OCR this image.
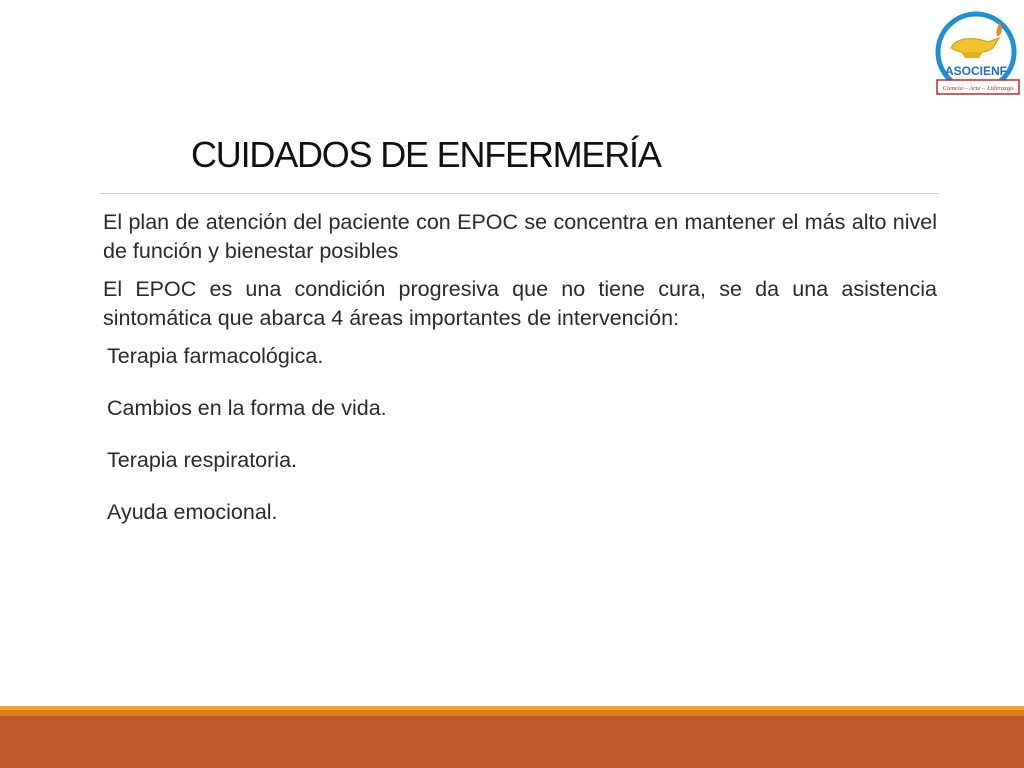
ASOCIENF
Ciencia – Arte – Liderazgo
CUIDADOS DE ENFERMERÍA

El plan de atención del paciente con EPOC se concentra en mantener el más alto nivel de función y bienestar posibles

El EPOC es una condición progresiva que no tiene cura, se da una asistencia sintomática que abarca 4 áreas importantes de intervención:

Terapia farmacológica.
Cambios en la forma de vida.
Terapia respiratoria.
Ayuda emocional.
